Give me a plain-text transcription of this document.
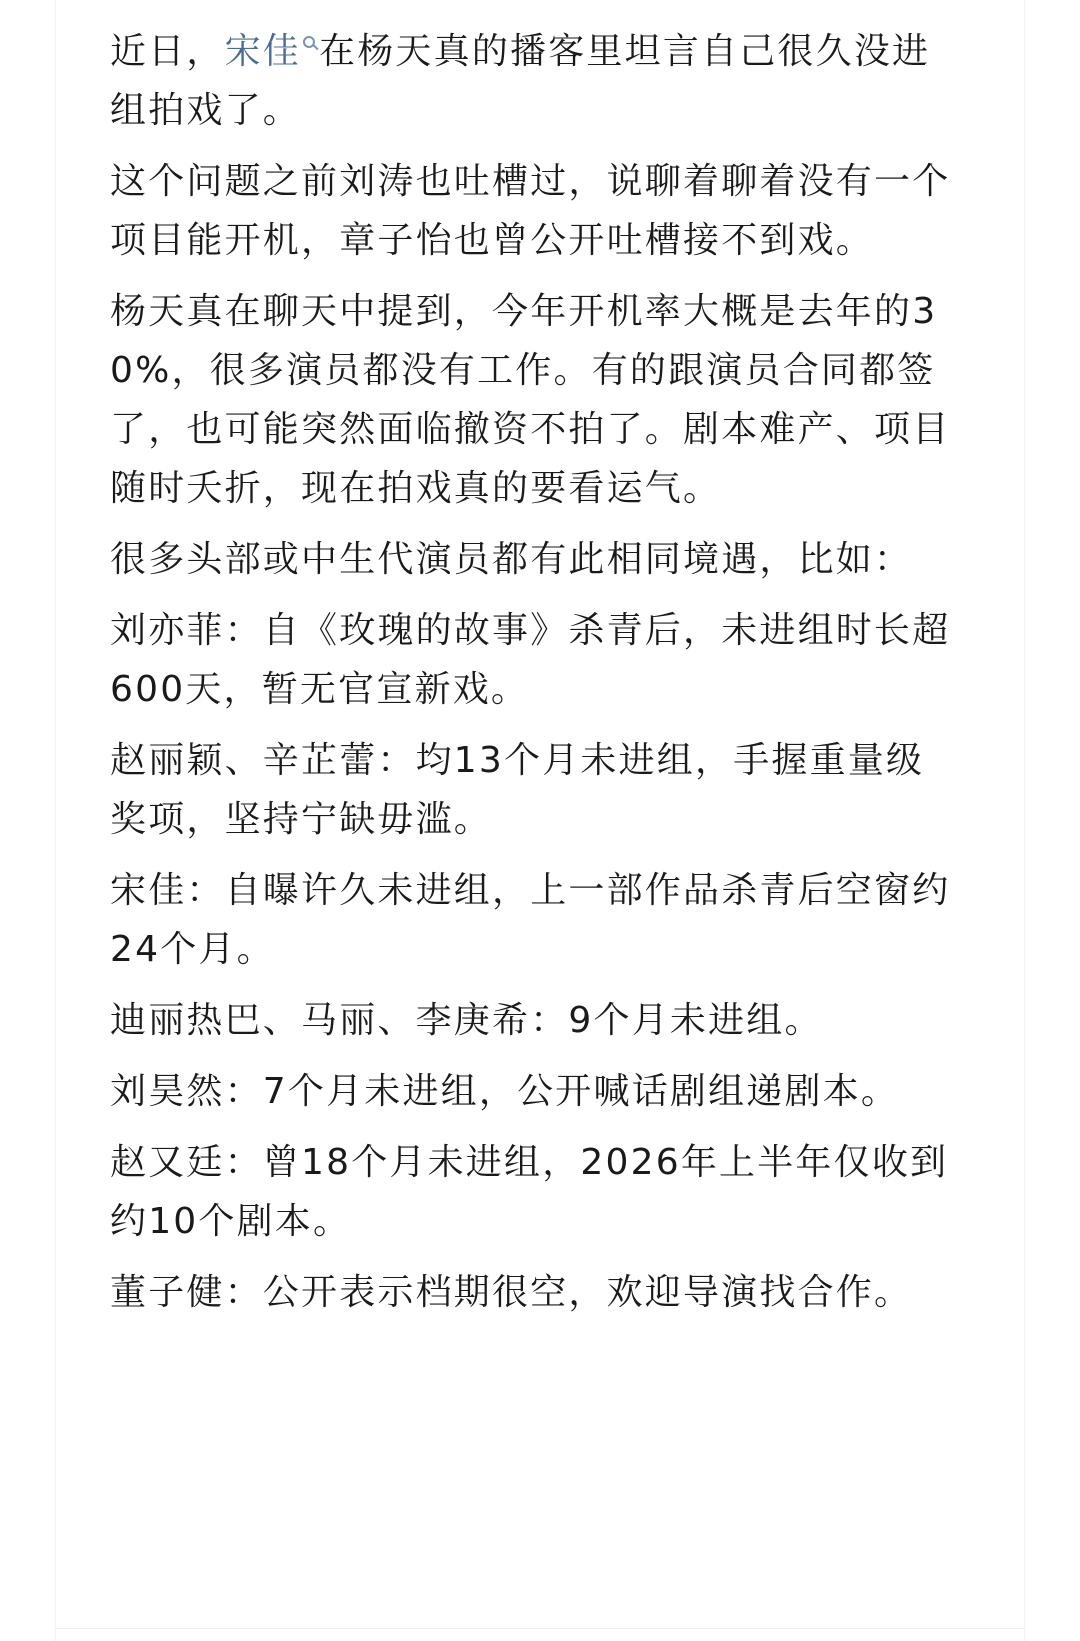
近日，宋佳 在杨天真的播客里坦言自己很久没进组拍戏了。

这个问题之前刘涛也吐槽过，说聊着聊着没有一个项目能开机，章子怡也曾公开吐槽接不到戏。

杨天真在聊天中提到，今年开机率大概是去年的30%，很多演员都没有工作。有的跟演员合同都签了，也可能突然面临撤资不拍了。剧本难产、项目随时夭折，现在拍戏真的要看运气。

很多头部或中生代演员都有此相同境遇，比如：

刘亦菲：自《玫瑰的故事》杀青后，未进组时长超600天，暂无官宣新戏。

赵丽颖、辛芷蕾：均13个月未进组，手握重量级奖项，坚持宁缺毋滥。

宋佳：自曝许久未进组，上一部作品杀青后空窗约24个月。

迪丽热巴、马丽、李庚希：9个月未进组。

刘昊然：7个月未进组，公开喊话剧组递剧本。

赵又廷：曾18个月未进组，2026年上半年仅收到约10个剧本。

董子健：公开表示档期很空，欢迎导演找合作。
